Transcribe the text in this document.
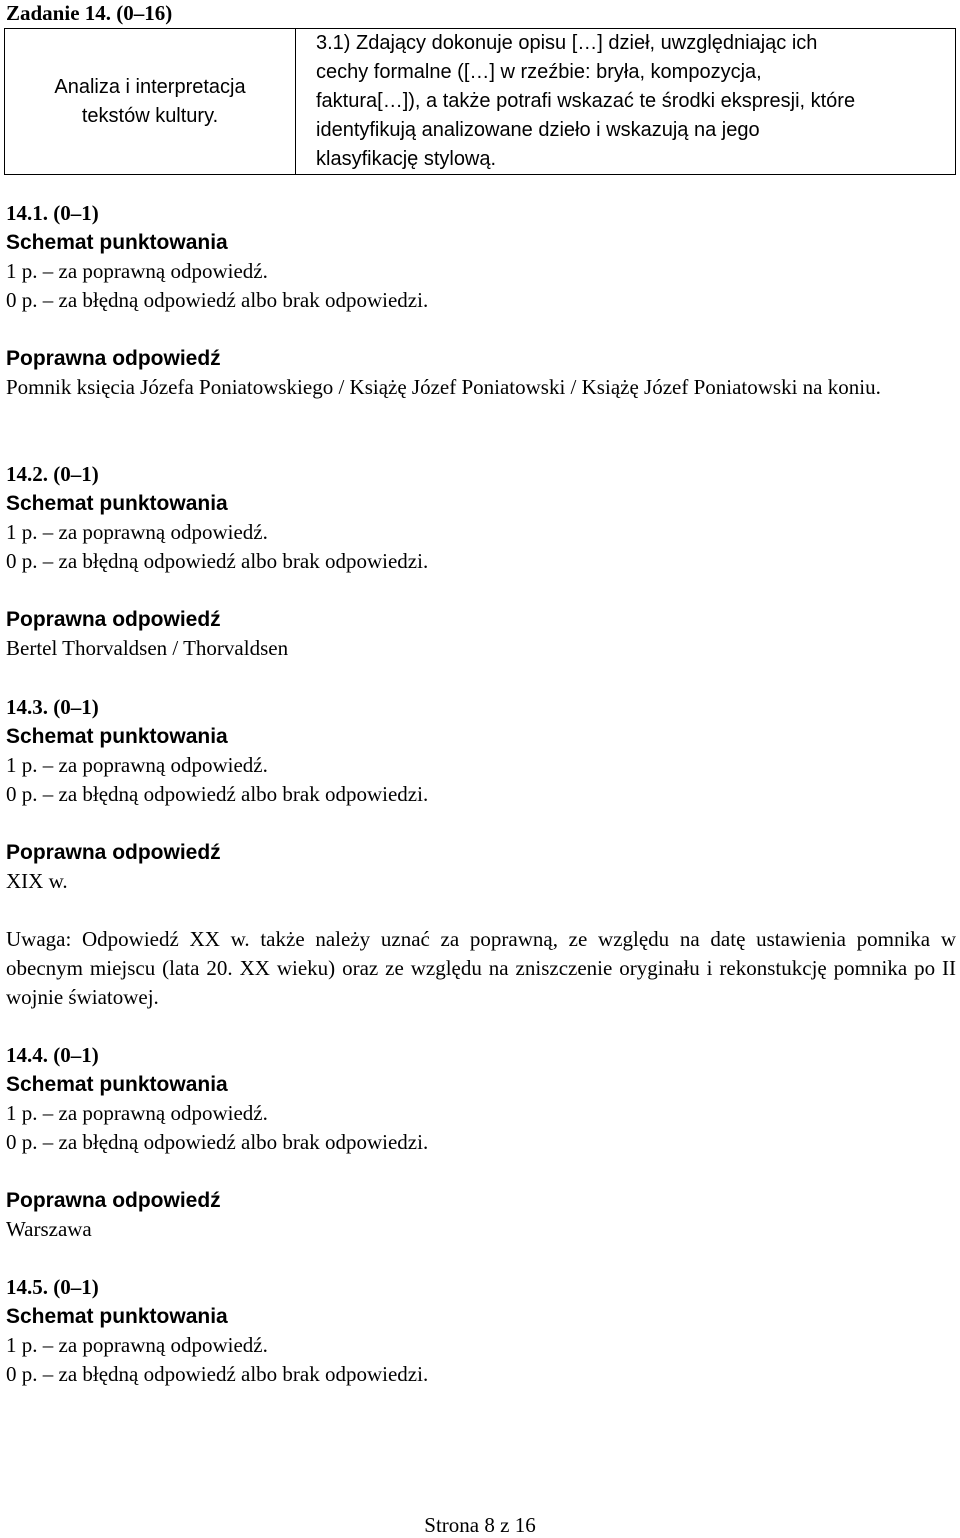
Zadanie 14. (0–16)
Analiza i interpretacja
tekstów kultury.

3.1) Zdający dokonuje opisu […] dzieł, uwzględniając ich
cechy formalne ([…] w rzeźbie: bryła, kompozycja,
faktura[…]), a także potrafi wskazać te środki ekspresji, które
identyfikują analizowane dzieło i wskazują na jego
klasyfikację stylową.
14.1. (0–1)
Schemat punktowania
1 p. – za poprawną odpowiedź.
0 p. – za błędną odpowiedź albo brak odpowiedzi.
Poprawna odpowiedź
Pomnik księcia Józefa Poniatowskiego / Książę Józef Poniatowski / Książę Józef Poniatowski na koniu.
14.2. (0–1)
Schemat punktowania
1 p. – za poprawną odpowiedź.
0 p. – za błędną odpowiedź albo brak odpowiedzi.
Poprawna odpowiedź
Bertel Thorvaldsen / Thorvaldsen
14.3. (0–1)
Schemat punktowania
1 p. – za poprawną odpowiedź.
0 p. – za błędną odpowiedź albo brak odpowiedzi.
Poprawna odpowiedź
XIX w.
Uwaga: Odpowiedź XX w. także należy uznać za poprawną, ze względu na datę ustawienia pomnika w obecnym miejscu (lata 20. XX wieku) oraz ze względu na zniszczenie oryginału i rekonstukcję pomnika po II wojnie światowej.
14.4. (0–1)
Schemat punktowania
1 p. – za poprawną odpowiedź.
0 p. – za błędną odpowiedź albo brak odpowiedzi.
Poprawna odpowiedź
Warszawa
14.5. (0–1)
Schemat punktowania
1 p. – za poprawną odpowiedź.
0 p. – za błędną odpowiedź albo brak odpowiedzi.
Strona 8 z 16
